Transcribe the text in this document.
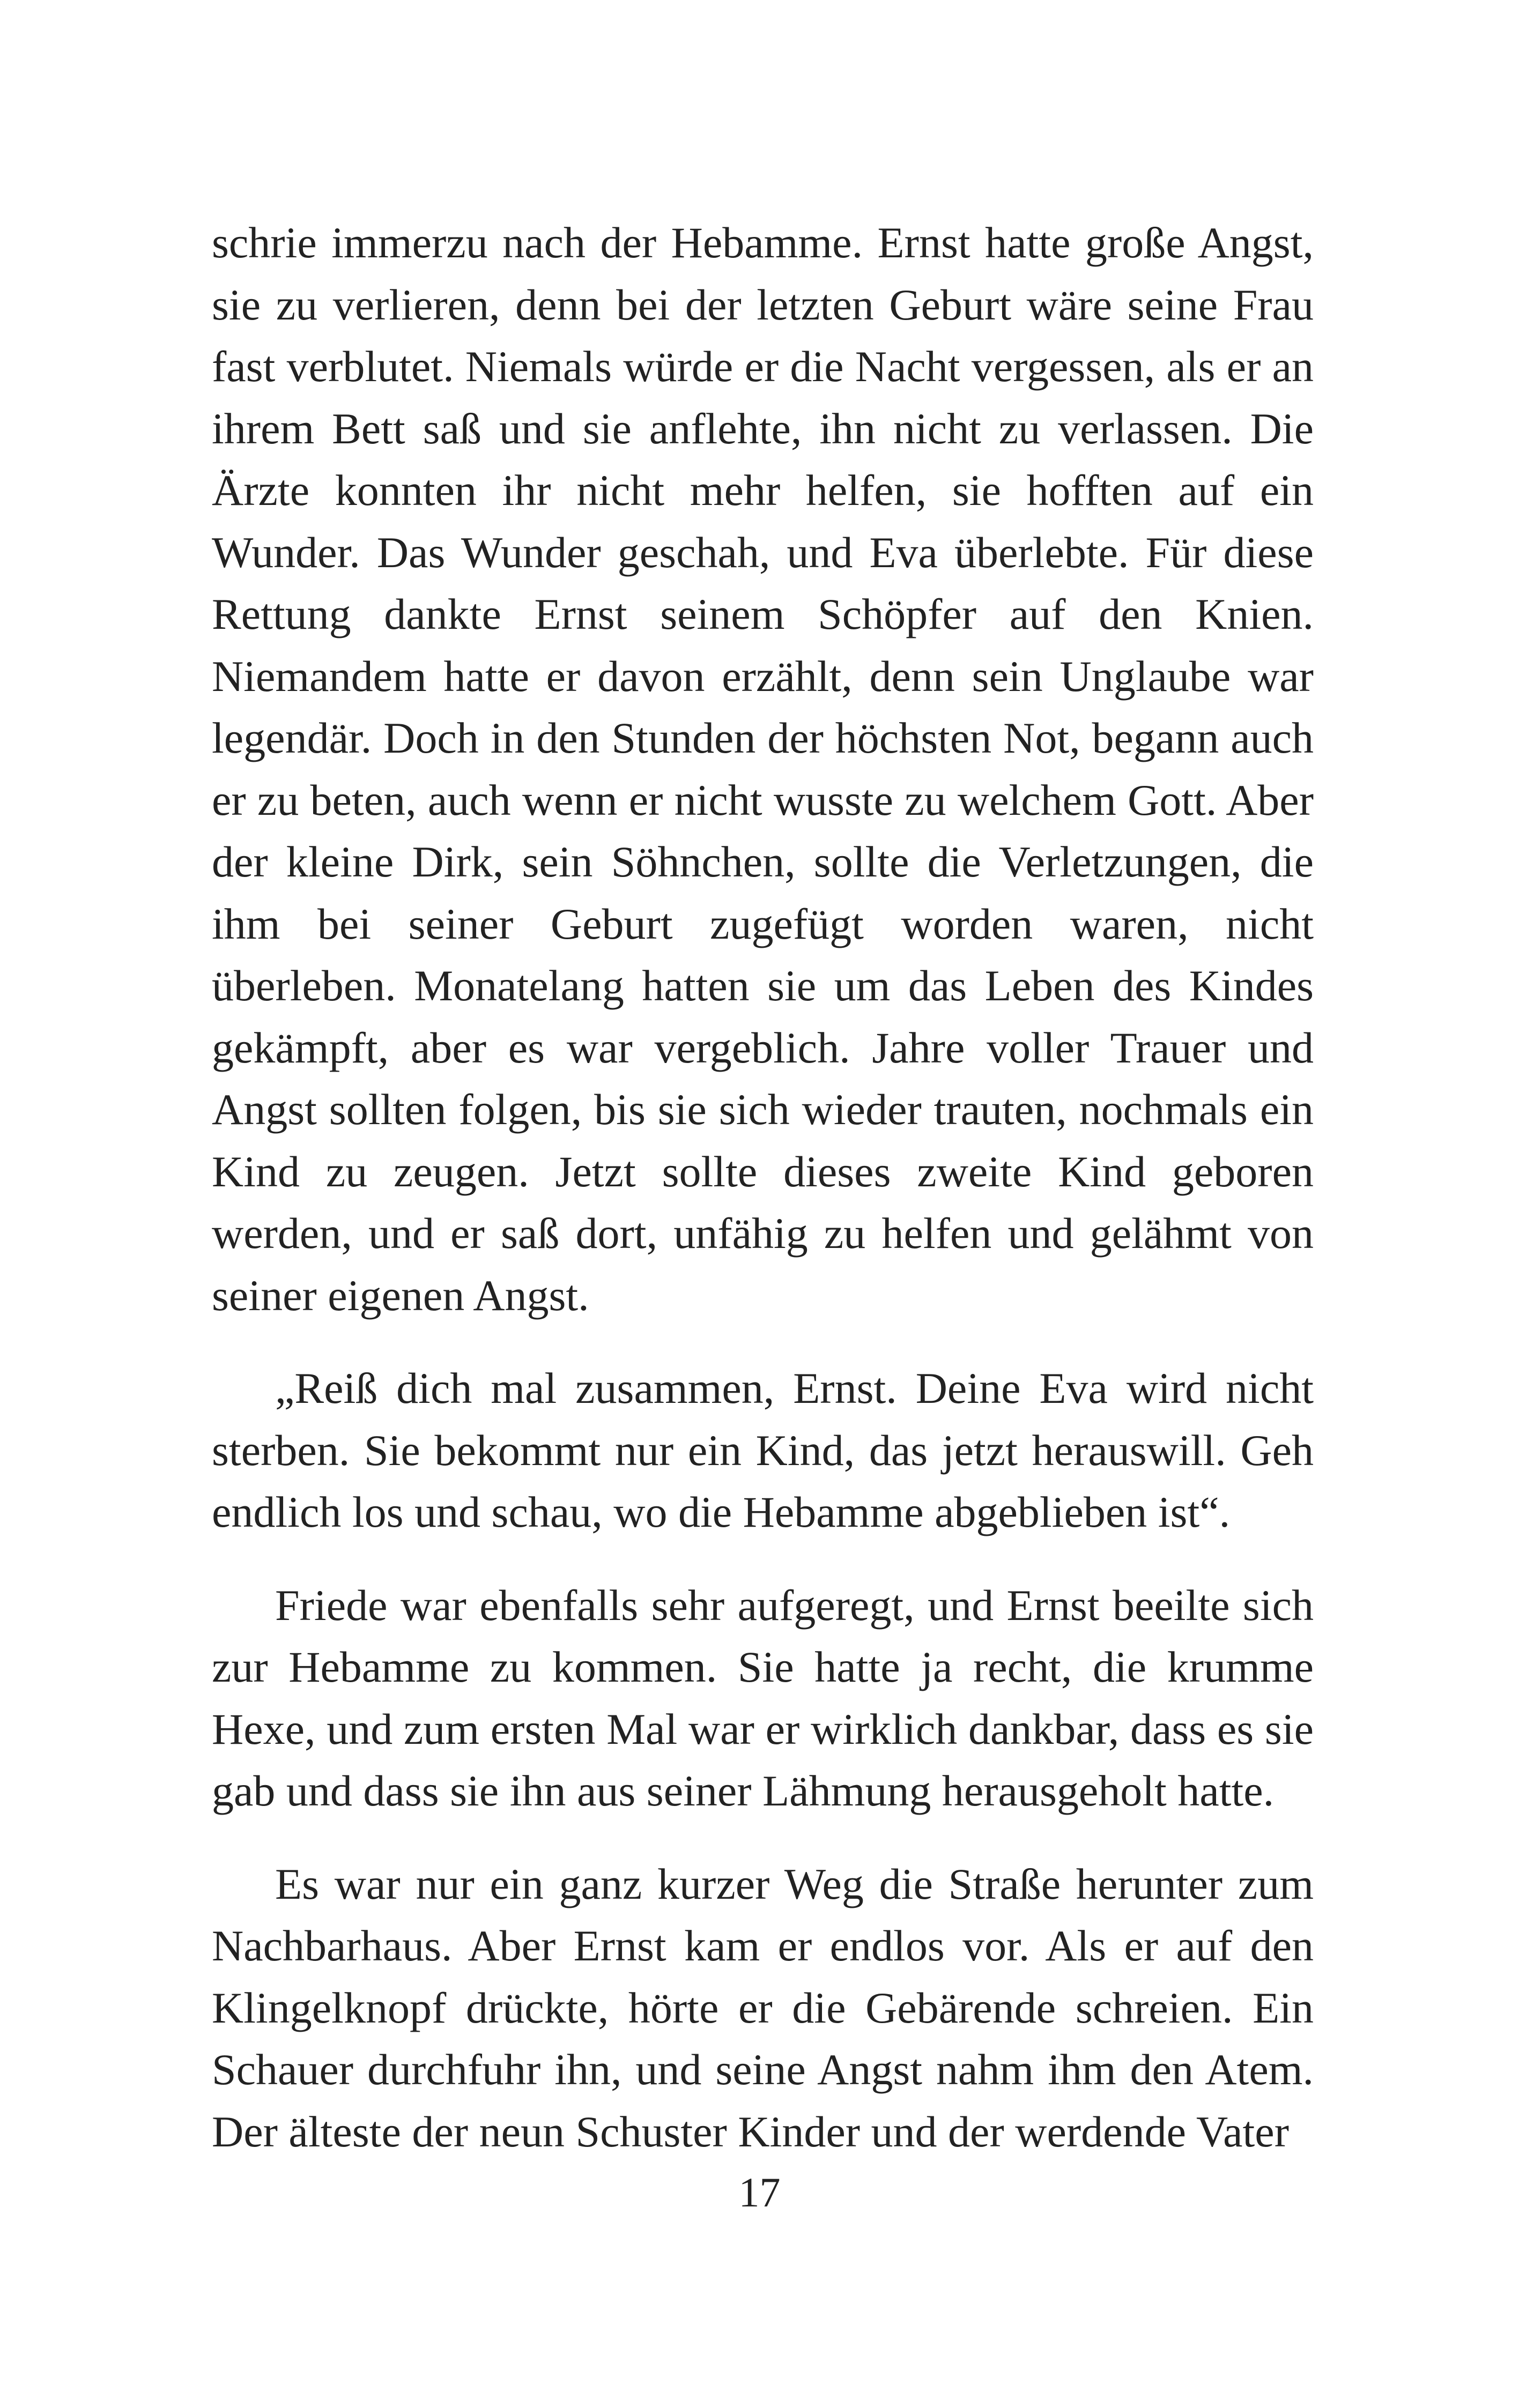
schrie immerzu nach der Hebamme. Ernst hatte große Angst, sie zu verlieren, denn bei der letzten Geburt wäre seine Frau fast verblutet. Niemals würde er die Nacht vergessen, als er an ihrem Bett saß und sie anflehte, ihn nicht zu verlassen. Die Ärzte konnten ihr nicht mehr helfen, sie hofften auf ein Wunder. Das Wunder geschah, und Eva überlebte. Für diese Rettung dankte Ernst seinem Schöpfer auf den Knien. Niemandem hatte er davon erzählt, denn sein Unglaube war legendär. Doch in den Stunden der höchsten Not, begann auch er zu beten, auch wenn er nicht wusste zu welchem Gott. Aber der kleine Dirk, sein Söhnchen, sollte die Verletzungen, die ihm bei seiner Geburt zugefügt worden waren, nicht überleben. Monatelang hatten sie um das Leben des Kindes gekämpft, aber es war vergeblich. Jahre voller Trauer und Angst sollten folgen, bis sie sich wieder trauten, nochmals ein Kind zu zeugen. Jetzt sollte dieses zweite Kind geboren werden, und er saß dort, unfähig zu helfen und gelähmt von seiner eigenen Angst.

„Reiß dich mal zusammen, Ernst. Deine Eva wird nicht sterben. Sie bekommt nur ein Kind, das jetzt herauswill. Geh endlich los und schau, wo die Hebamme abgeblieben ist“.

Friede war ebenfalls sehr aufgeregt, und Ernst beeilte sich zur Hebamme zu kommen. Sie hatte ja recht, die krumme Hexe, und zum ersten Mal war er wirklich dankbar, dass es sie gab und dass sie ihn aus seiner Lähmung herausgeholt hatte.

Es war nur ein ganz kurzer Weg die Straße herunter zum Nachbarhaus. Aber Ernst kam er endlos vor. Als er auf den Klingelknopf drückte, hörte er die Gebärende schreien. Ein Schauer durchfuhr ihn, und seine Angst nahm ihm den Atem. Der älteste der neun Schuster Kinder und der werdende Vater

17
